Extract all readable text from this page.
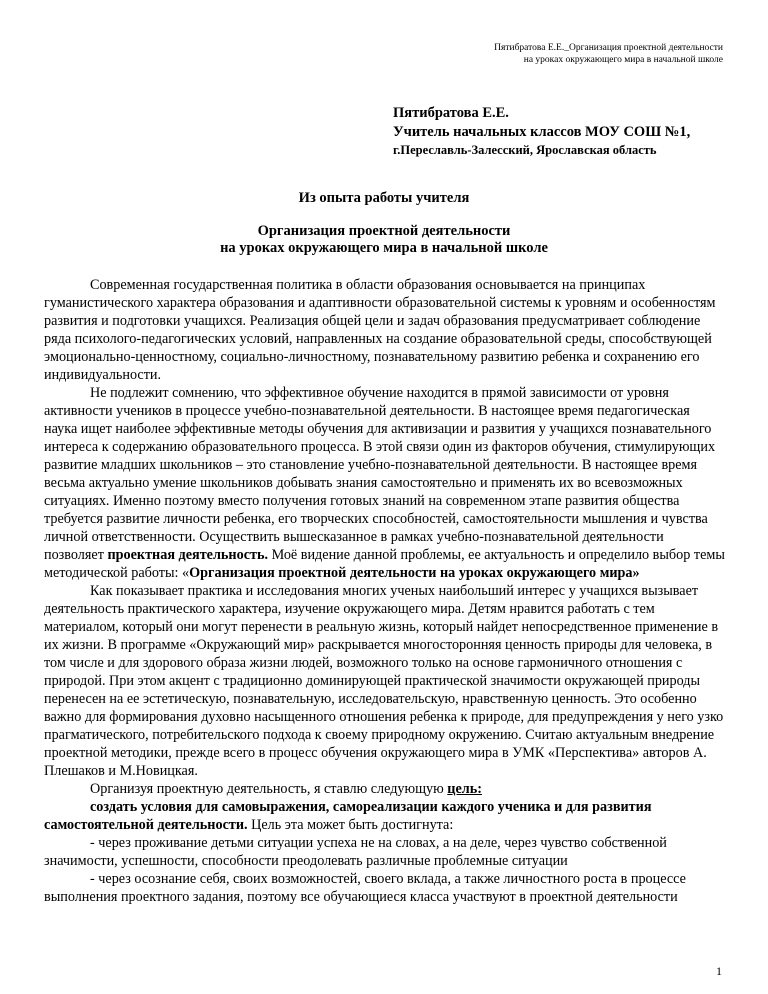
Пятибратова Е.Е._Организация проектной деятельности
на уроках окружающего мира в начальной школе
Пятибратова Е.Е.
Учитель начальных классов МОУ СОШ №1,
г.Переславль-Залесский, Ярославская область
Из опыта работы учителя
Организация проектной деятельности
на уроках окружающего мира в начальной школе

Современная государственная политика в области образования основывается на принципах гуманистического характера образования и адаптивности образовательной системы к уровням и особенностям развития и подготовки учащихся. Реализация общей цели и задач образования предусматривает соблюдение ряда психолого-педагогических условий, направленных на создание образовательной среды, способствующей эмоционально-ценностному, социально-личностному, познавательному развитию ребенка и сохранению его индивидуальности.

Не подлежит сомнению, что эффективное обучение находится в прямой зависимости от уровня активности учеников в процессе учебно-познавательной деятельности. В настоящее время педагогическая наука ищет наиболее эффективные методы обучения для активизации и развития у учащихся познавательного интереса к содержанию образовательного процесса. В этой связи один из факторов обучения, стимулирующих развитие младших школьников – это становление учебно-познавательной деятельности. В настоящее время весьма актуально умение школьников добывать знания самостоятельно и применять их во всевозможных ситуациях. Именно поэтому вместо получения готовых знаний на современном этапе развития общества требуется развитие личности ребенка, его творческих способностей, самостоятельности мышления и чувства личной ответственности. Осуществить вышесказанное в рамках учебно-познавательной деятельности позволяет проектная деятельность. Моё видение данной проблемы, ее актуальность и определило выбор темы методической работы: «Организация проектной деятельности на уроках окружающего мира»

Как показывает практика и исследования многих ученых наибольший интерес у учащихся вызывает деятельность практического характера, изучение окружающего мира. Детям нравится работать с тем материалом, который они могут перенести в реальную жизнь, который найдет непосредственное применение в их жизни. В программе «Окружающий мир» раскрывается многосторонняя ценность природы для человека, в том числе и для здорового образа жизни людей, возможного только на основе гармоничного отношения с природой. При этом акцент с традиционно доминирующей практической значимости окружающей природы перенесен на ее эстетическую, познавательную, исследовательскую, нравственную ценность. Это особенно важно для формирования духовно насыщенного отношения ребенка к природе, для предупреждения у него узко прагматического, потребительского подхода к своему природному окружению. Считаю актуальным внедрение проектной методики, прежде всего в процесс обучения окружающего мира в УМК «Перспектива» авторов А. Плешаков и М.Новицкая.

Организуя проектную деятельность, я ставлю следующую цель:

создать условия для самовыражения, самореализации каждого ученика и для развития самостоятельной деятельности. Цель эта может быть достигнута:

- через проживание детьми ситуации успеха не на словах, а на деле, через чувство собственной значимости, успешности, способности преодолевать различные проблемные ситуации

- через осознание себя, своих возможностей, своего вклада, а также личностного роста в процессе выполнения проектного задания, поэтому все обучающиеся класса участвуют в проектной деятельности

1
